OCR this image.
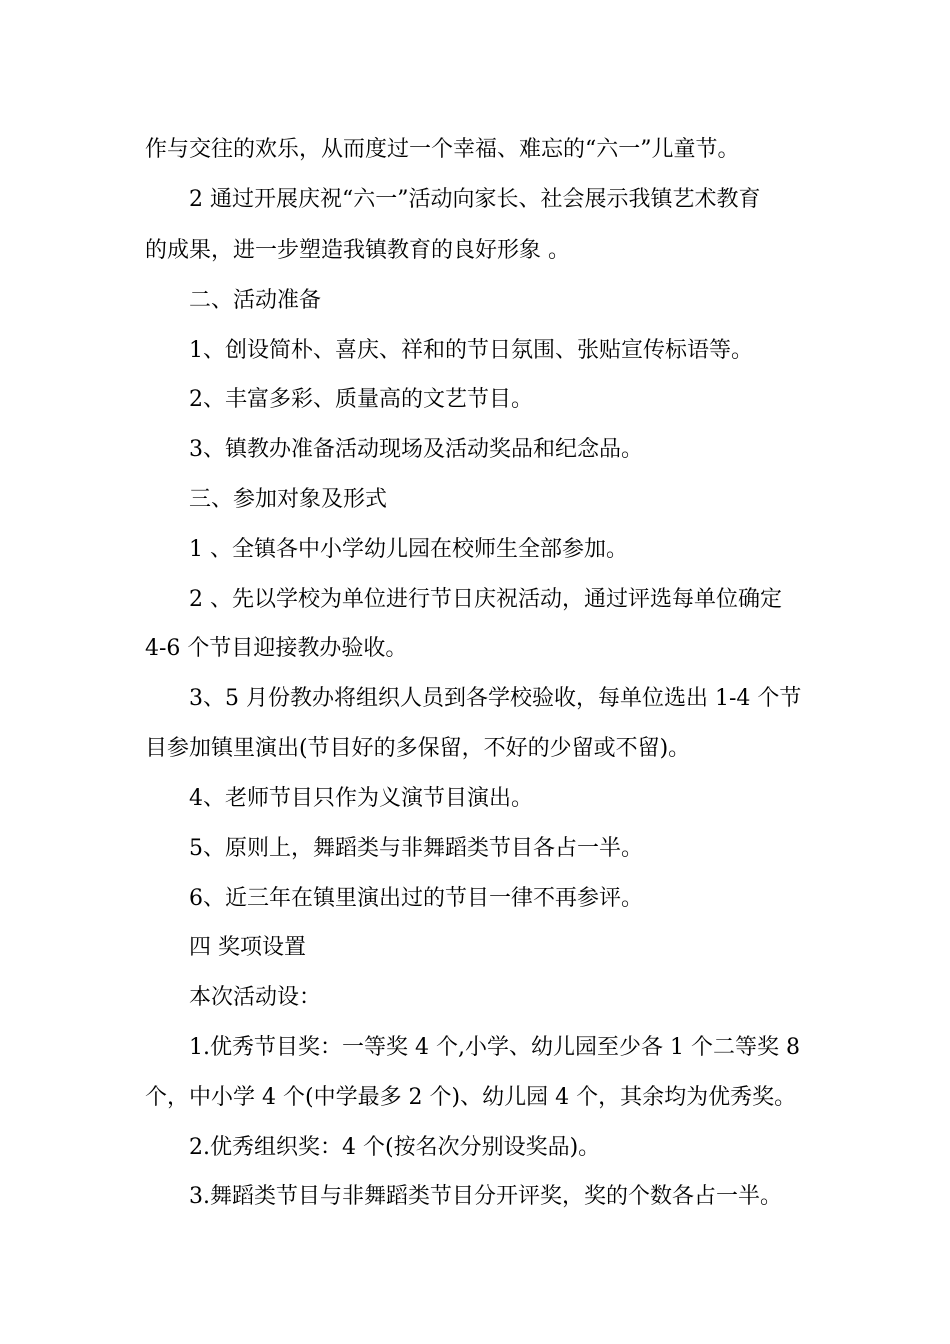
作与交往的欢乐，从而度过一个幸福、难忘的“六一”儿童节。

2 通过开展庆祝“六一”活动向家长、社会展示我镇艺术教育

的成果，进一步塑造我镇教育的良好形象 。

二、活动准备

1、创设简朴、喜庆、祥和的节日氛围、张贴宣传标语等。

2、丰富多彩、质量高的文艺节目。

3、镇教办准备活动现场及活动奖品和纪念品。

三、参加对象及形式

1 、全镇各中小学幼儿园在校师生全部参加。

2 、先以学校为单位进行节日庆祝活动，通过评选每单位确定

4-6 个节目迎接教办验收。

3、5 月份教办将组织人员到各学校验收，每单位选出 1-4 个节

目参加镇里演出(节目好的多保留，不好的少留或不留)。

4、老师节目只作为义演节目演出。

5、原则上，舞蹈类与非舞蹈类节目各占一半。

6、近三年在镇里演出过的节目一律不再参评。

四 奖项设置

本次活动设：

1.优秀节目奖：一等奖 4 个,小学、幼儿园至少各 1 个二等奖 8

个，中小学 4 个(中学最多 2 个)、幼儿园 4 个，其余均为优秀奖。

2.优秀组织奖：4 个(按名次分别设奖品)。

3.舞蹈类节目与非舞蹈类节目分开评奖，奖的个数各占一半。
